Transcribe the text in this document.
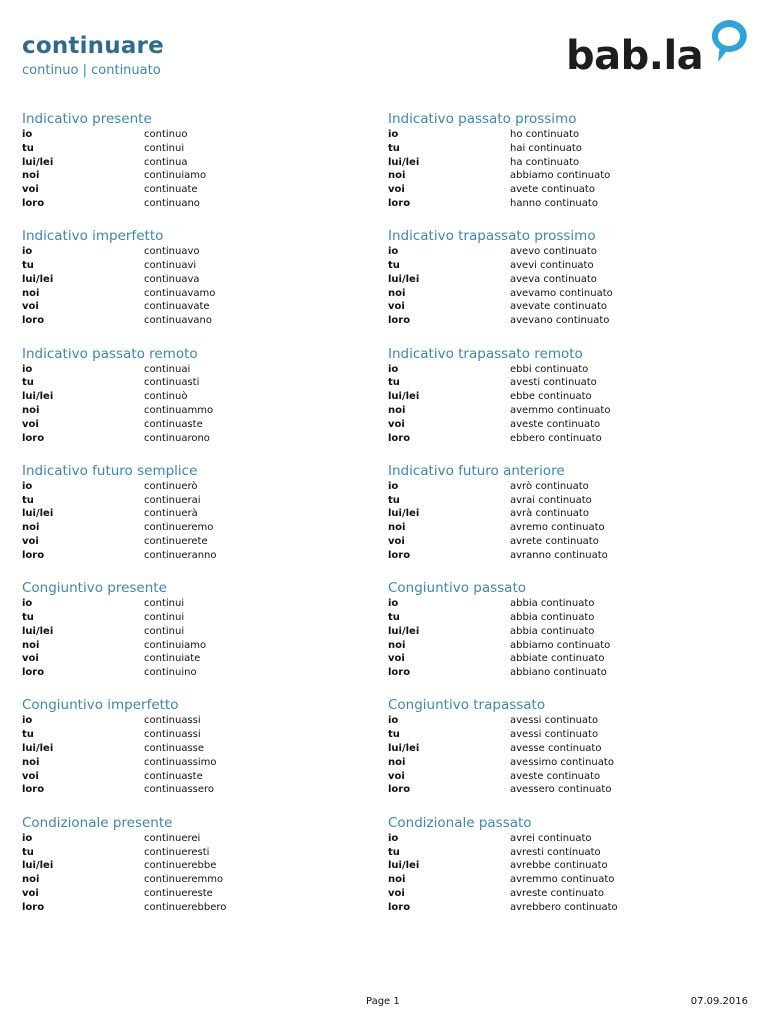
continuare
continuo | continuato	bab.la
Indicativo presente
io	continuo
tu	continui
lui/lei	continua
noi	continuiamo
voi	continuate
loro	continuano
Indicativo imperfetto
io	continuavo
tu	continuavi
lui/lei	continuava
noi	continuavamo
voi	continuavate
loro	continuavano
Indicativo passato remoto
io	continuai
tu	continuasti
lui/lei	continuò
noi	continuammo
voi	continuaste
loro	continuarono
Indicativo futuro semplice
io	continuerò
tu	continuerai
lui/lei	continuerà
noi	continueremo
voi	continuerete
loro	continueranno
Congiuntivo presente
io	continui
tu	continui
lui/lei	continui
noi	continuiamo
voi	continuiate
loro	continuino
Congiuntivo imperfetto
io	continuassi
tu	continuassi
lui/lei	continuasse
noi	continuassimo
voi	continuaste
loro	continuassero
Condizionale presente
io	continuerei
tu	continueresti
lui/lei	continuerebbe
noi	continueremmo
voi	continuereste
loro	continuerebbero
Indicativo passato prossimo
io	ho continuato
tu	hai continuato
lui/lei	ha continuato
noi	abbiamo continuato
voi	avete continuato
loro	hanno continuato
Indicativo trapassato prossimo
io	avevo continuato
tu	avevi continuato
lui/lei	aveva continuato
noi	avevamo continuato
voi	avevate continuato
loro	avevano continuato
Indicativo trapassato remoto
io	ebbi continuato
tu	avesti continuato
lui/lei	ebbe continuato
noi	avemmo continuato
voi	aveste continuato
loro	ebbero continuato
Indicativo futuro anteriore
io	avrò continuato
tu	avrai continuato
lui/lei	avrà continuato
noi	avremo continuato
voi	avrete continuato
loro	avranno continuato
Congiuntivo passato
io	abbia continuato
tu	abbia continuato
lui/lei	abbia continuato
noi	abbiamo continuato
voi	abbiate continuato
loro	abbiano continuato
Congiuntivo trapassato
io	avessi continuato
tu	avessi continuato
lui/lei	avesse continuato
noi	avessimo continuato
voi	aveste continuato
loro	avessero continuato
Condizionale passato
io	avrei continuato
tu	avresti continuato
lui/lei	avrebbe continuato
noi	avremmo continuato
voi	avreste continuato
loro	avrebbero continuato
Page 1	07.09.2016
